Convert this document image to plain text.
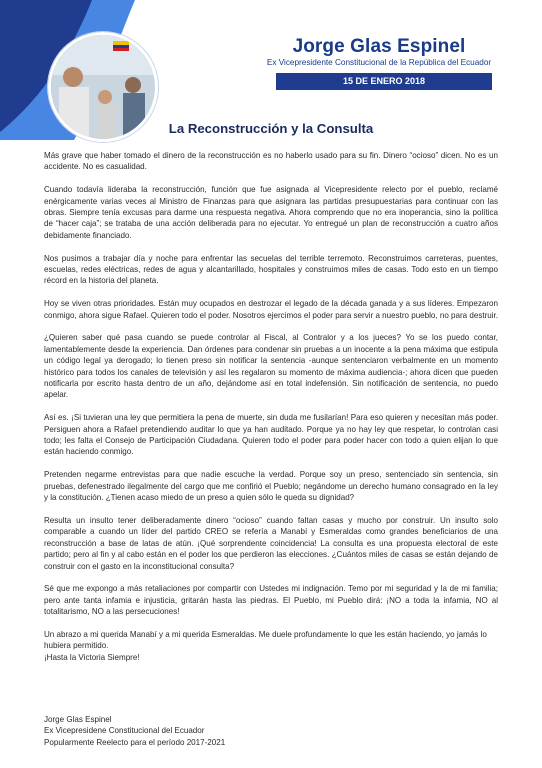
Jorge Glas Espinel
Ex Vicepresidente Constitucional de la República del Ecuador
15 DE ENERO 2018
La Reconstrucción y la Consulta

Más grave que haber tomado el dinero de la reconstrucción es no haberlo usado para su fin. Dinero “ocioso” dicen. No es un accidente. No es casualidad.

Cuando todavía lideraba la reconstrucción, función que fue asignada al Vicepresidente relecto por el pueblo, reclamé enérgicamente varias veces al Ministro de Finanzas para que asignara las partidas presupuestarias para continuar con las obras. Siempre tenía excusas para darme una respuesta negativa. Ahora comprendo que no era inoperancia, sino la política de “hacer caja”; se trataba de una acción deliberada para no ejecutar. Yo entregué un plan de reconstrucción a cuatro años debidamente financiado.

Nos pusimos a trabajar día y noche para enfrentar las secuelas del terrible terremoto. Reconstruimos carreteras, puentes, escuelas, redes eléctricas, redes de agua y alcantarillado, hospitales y construimos miles de casas. Todo esto en un tiempo récord en la historia del planeta.

Hoy se viven otras prioridades. Están muy ocupados en destrozar el legado de la década ganada y a sus líderes. Empezaron conmigo, ahora sigue Rafael. Quieren todo el poder. Nosotros ejercimos el poder para servir a nuestro pueblo, no para destruir.

¿Quieren saber qué pasa cuando se puede controlar al Fiscal, al Contralor y a los jueces? Yo se los puedo contar, lamentablemente desde la experiencia. Dan órdenes para condenar sin pruebas a un inocente a la pena máxima que estipula un código legal ya derogado; lo tienen preso sin notificar la sentencia -aunque sentenciaron verbalmente en un momento histórico para todos los canales de televisión y así les regalaron su momento de máxima audiencia-; ahora dicen que pueden notificarla por escrito hasta dentro de un año, dejándome así en total indefensión. Sin notificación de sentencia, no puedo apelar.

Así es. ¡Si tuvieran una ley que permitiera la pena de muerte, sin duda me fusilarían! Para eso quieren y necesitan más poder. Persiguen ahora a Rafael pretendiendo auditar lo que ya han auditado. Porque ya no hay ley que respetar, lo controlan casi todo; les falta el Consejo de Participación Ciudadana. Quieren todo el poder para poder hacer con todo a quien elijan lo que están haciendo conmigo.

Pretenden negarme entrevistas para que nadie escuche la verdad. Porque soy un preso, sentenciado sin sentencia, sin pruebas, defenestrado ilegalmente del cargo que me confirió el Pueblo; negándome un derecho humano consagrado en la ley y la constitución. ¿Tienen acaso miedo de un preso a quien sólo le queda su dignidad?

Resulta un insulto tener deliberadamente dinero “ocioso” cuando faltan casas y mucho por construir. Un insulto solo comparable a cuando un líder del partido CREO se refería a Manabí y Esmeraldas como grandes beneficiarios de una reconstrucción a base de latas de atún. ¡Qué sorprendente coincidencia! La consulta es una propuesta electoral de este partido; pero al fin y al cabo están en el poder los que perdieron las elecciones. ¿Cuántos miles de casas se están dejando de construir con el gasto en la inconstitucional consulta?

Sé que me expongo a más retaliaciones por compartir con Ustedes mi indignación. Temo por mi seguridad y la de mi familia; pero ante tanta infamia e injusticia, gritarán hasta las piedras. El Pueblo, mi Pueblo dirá: ¡NO a toda la infamia, NO al totalitarismo, NO a las persecuciones!

Un abrazo a mi querida Manabí y a mi querida Esmeraldas. Me duele profundamente lo que les están haciendo, yo jamás lo hubiera permitido.

¡Hasta la Victoria Siempre!

Jorge Glas Espinel
Ex Vicepresidene Constitucional del Ecuador
Popularmente Reelecto para el período 2017-2021
